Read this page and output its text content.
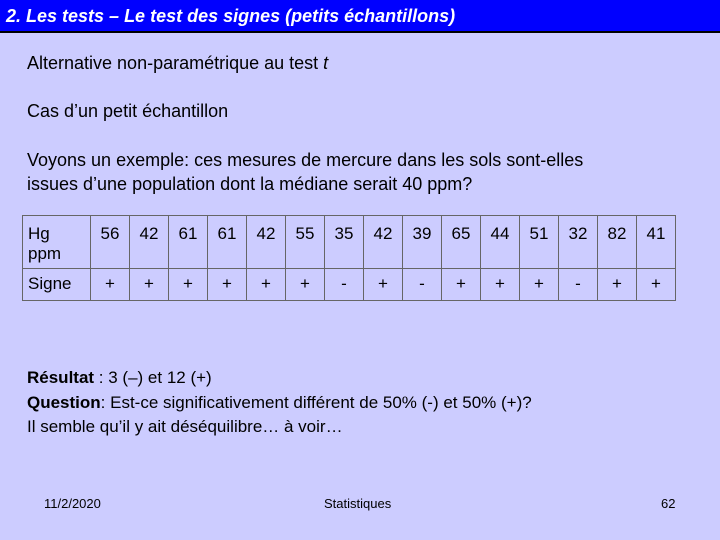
2. Les tests – Le test des signes (petits échantillons)
Alternative non-paramétrique au test t
Cas d’un petit échantillon
Voyons un exemple: ces mesures de mercure dans les sols sont-elles
issues d’une population dont la médiane serait 40 ppm?
Hg
ppm	56	42	61	61	42	55	35	42	39	65	44	51	32	82	41
Signe	+	+	+	+	+	+	-	+	-	+	+	+	-	+	+
Résultat : 3 (–) et 12 (+)
Question: Est-ce significativement différent de 50% (-) et 50% (+)?
Il semble qu’il y ait déséquilibre… à voir…
11/2/2020	Statistiques	62
